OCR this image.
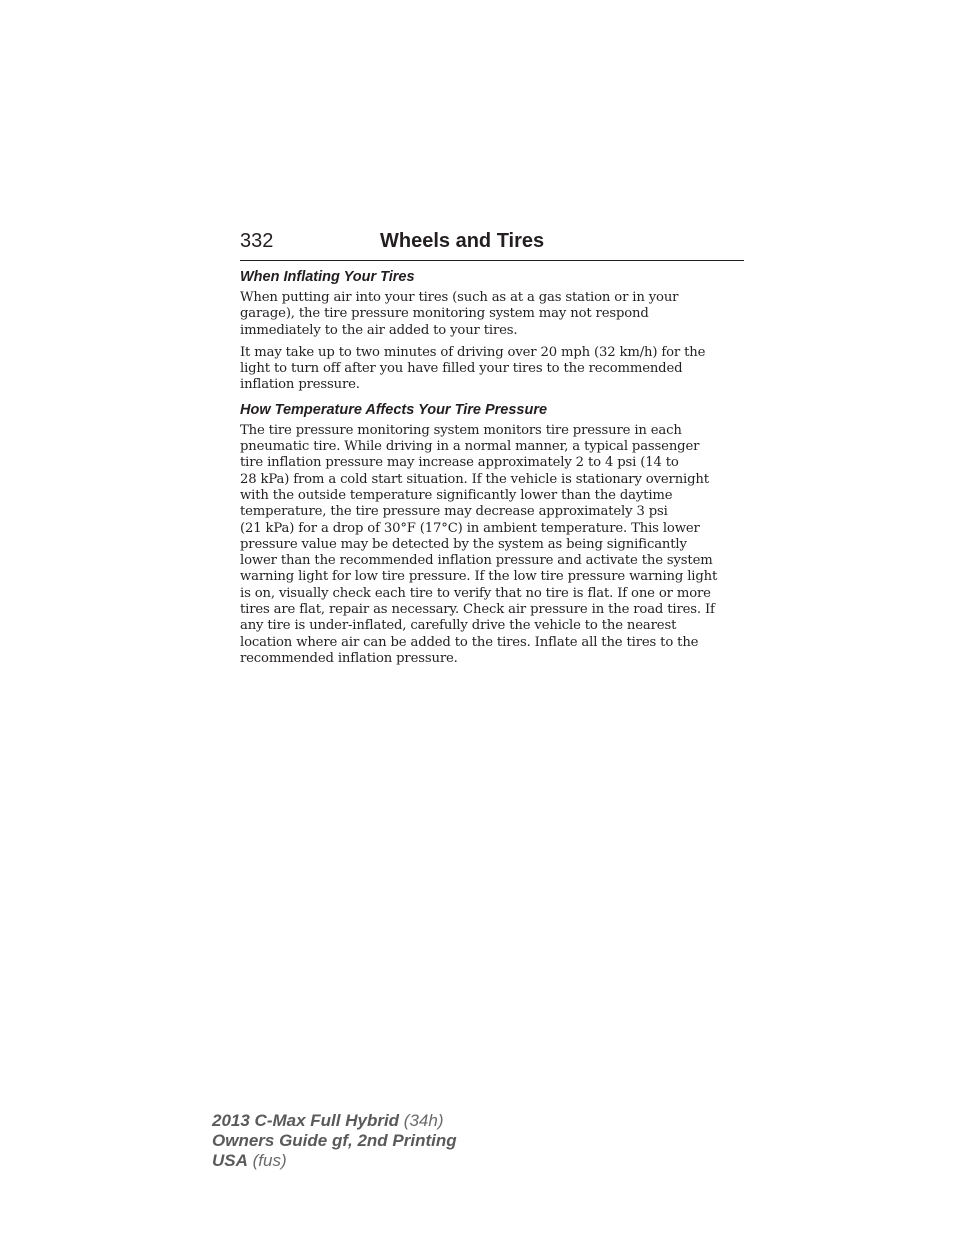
332	Wheels and Tires
When Inflating Your Tires

When putting air into your tires (such as at a gas station or in your
garage), the tire pressure monitoring system may not respond
immediately to the air added to your tires.

It may take up to two minutes of driving over 20 mph (32 km/h) for the
light to turn off after you have filled your tires to the recommended
inflation pressure.

How Temperature Affects Your Tire Pressure

The tire pressure monitoring system monitors tire pressure in each
pneumatic tire. While driving in a normal manner, a typical passenger
tire inflation pressure may increase approximately 2 to 4 psi (14 to
28 kPa) from a cold start situation. If the vehicle is stationary overnight
with the outside temperature significantly lower than the daytime
temperature, the tire pressure may decrease approximately 3 psi
(21 kPa) for a drop of 30°F (17°C) in ambient temperature. This lower
pressure value may be detected by the system as being significantly
lower than the recommended inflation pressure and activate the system
warning light for low tire pressure. If the low tire pressure warning light
is on, visually check each tire to verify that no tire is flat. If one or more
tires are flat, repair as necessary. Check air pressure in the road tires. If
any tire is under-inflated, carefully drive the vehicle to the nearest
location where air can be added to the tires. Inflate all the tires to the
recommended inflation pressure.

2013 C-Max Full Hybrid (34h)
Owners Guide gf, 2nd Printing
USA (fus)
